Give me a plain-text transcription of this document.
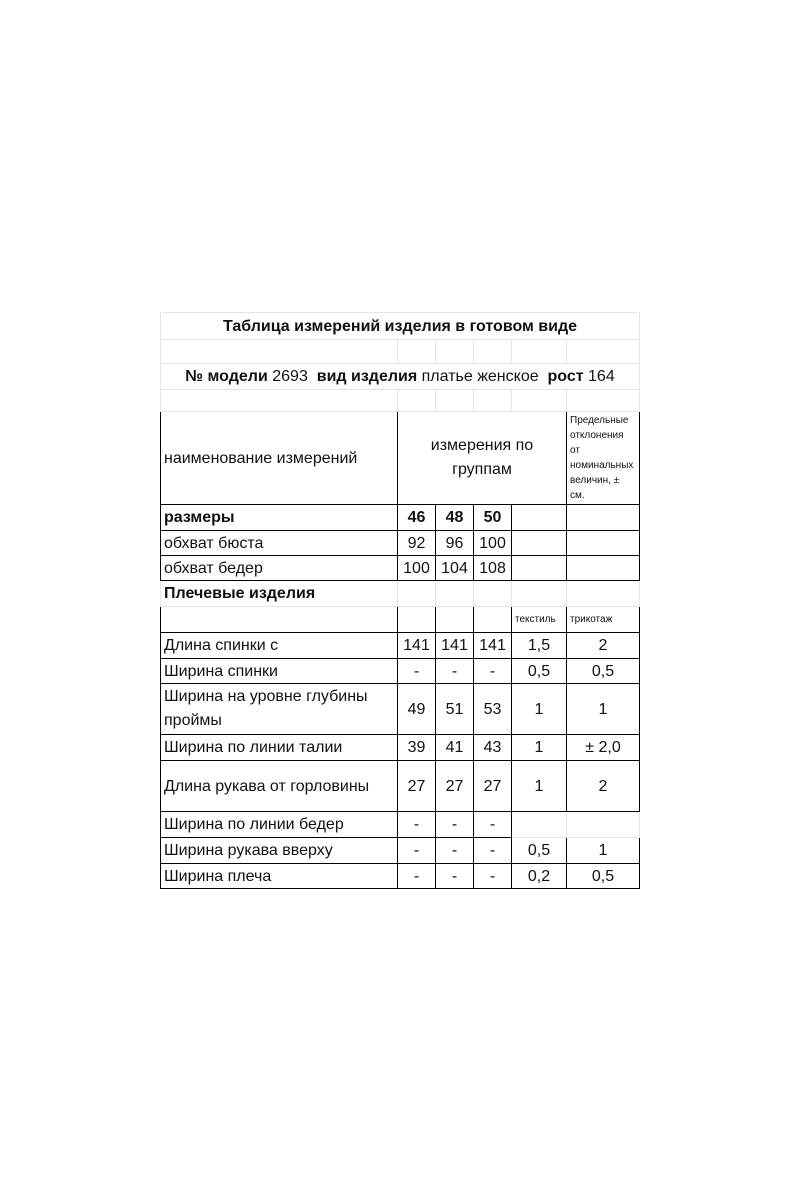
Таблица измерений изделия в готовом виде					

№ модели 2693 вид изделия платье женское рост 164					

наименование измерений	измерения по группам				Предельные отклонения от номинальных величин, ± см.
размеры	46	48	50		
обхват бюста	92	96	100		
обхват бедер	100	104	108		
Плечевые изделия					
				текстиль	трикотаж
Длина спинки с	141	141	141	1,5	2
Ширина спинки	-	-	-	0,5	0,5
Ширина на уровне глубины проймы	49	51	53	1	1
Ширина по линии талии	39	41	43	1	± 2,0
Длина рукава от горловины	27	27	27	1	2
Ширина по линии бедер	-	-	-		
Ширина рукава вверху	-	-	-	0,5	1
Ширина плеча	-	-	-	0,2	0,5
